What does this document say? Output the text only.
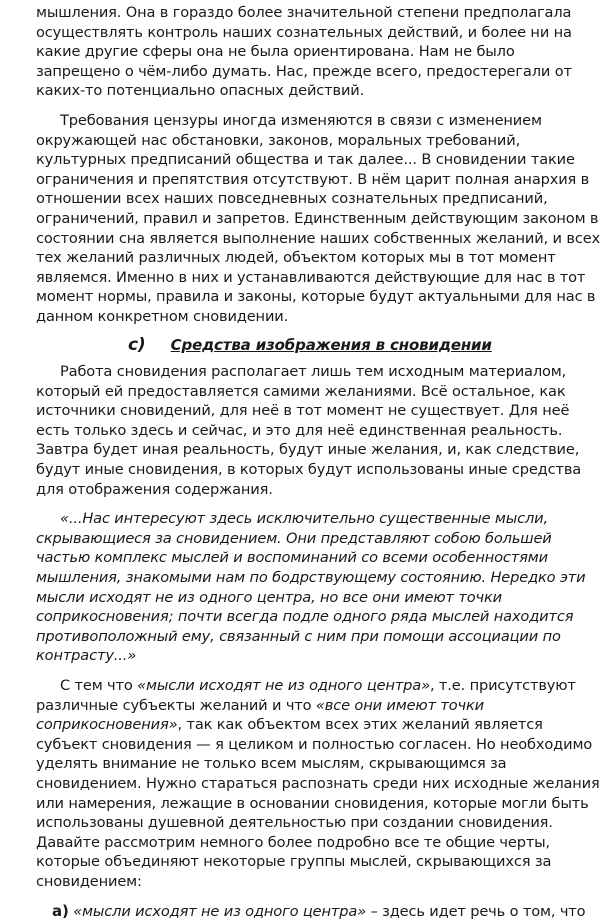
мышления. Она в гораздо более значительной степени предполагала
осуществлять контроль наших сознательных действий, и более ни на
какие другие сферы она не была ориентирована. Нам не было
запрещено о чём-либо думать. Нас, прежде всего, предостерегали от
каких-то потенциально опасных действий.
Требования цензуры иногда изменяются в связи с изменением
окружающей нас обстановки, законов, моральных требований,
культурных предписаний общества и так далее... В сновидении такие
ограничения и препятствия отсутствуют. В нём царит полная анархия в
отношении всех наших повседневных сознательных предписаний,
ограничений, правил и запретов. Единственным действующим законом в
состоянии сна является выполнение наших собственных желаний, и всех
тех желаний различных людей, объектом которых мы в тот момент
являемся. Именно в них и устанавливаются действующие для нас в тот
момент нормы, правила и законы, которые будут актуальными для нас в
данном конкретном сновидении.
с) Средства изображения в сновидении
Работа сновидения располагает лишь тем исходным материалом,
который ей предоставляется самими желаниями. Всё остальное, как
источники сновидений, для неё в тот момент не существует. Для неё
есть только здесь и сейчас, и это для неё единственная реальность.
Завтра будет иная реальность, будут иные желания, и, как следствие,
будут иные сновидения, в которых будут использованы иные средства
для отображения содержания.
«...Нас интересуют здесь исключительно существенные мысли,
скрывающиеся за сновидением. Они представляют собою большей
частью комплекс мыслей и воспоминаний со всеми особенностями
мышления, знакомыми нам по бодрствующему состоянию. Нередко эти
мысли исходят не из одного центра, но все они имеют точки
соприкосновения; почти всегда подле одного ряда мыслей находится
противоположный ему, связанный с ним при помощи ассоциации по
контрасту...»
С тем что «мысли исходят не из одного центра», т.е. присутствуют
различные субъекты желаний и что «все они имеют точки
соприкосновения», так как объектом всех этих желаний является
субъект сновидения — я целиком и полностью согласен. Но необходимо
уделять внимание не только всем мыслям, скрывающимся за
сновидением. Нужно стараться распознать среди них исходные желания
или намерения, лежащие в основании сновидения, которые могли быть
использованы душевной деятельностью при создании сновидения.
Давайте рассмотрим немного более подробно все те общие черты,
которые объединяют некоторые группы мыслей, скрывающихся за
сновидением:
а) «мысли исходят не из одного центра» – здесь идет речь о том, что
